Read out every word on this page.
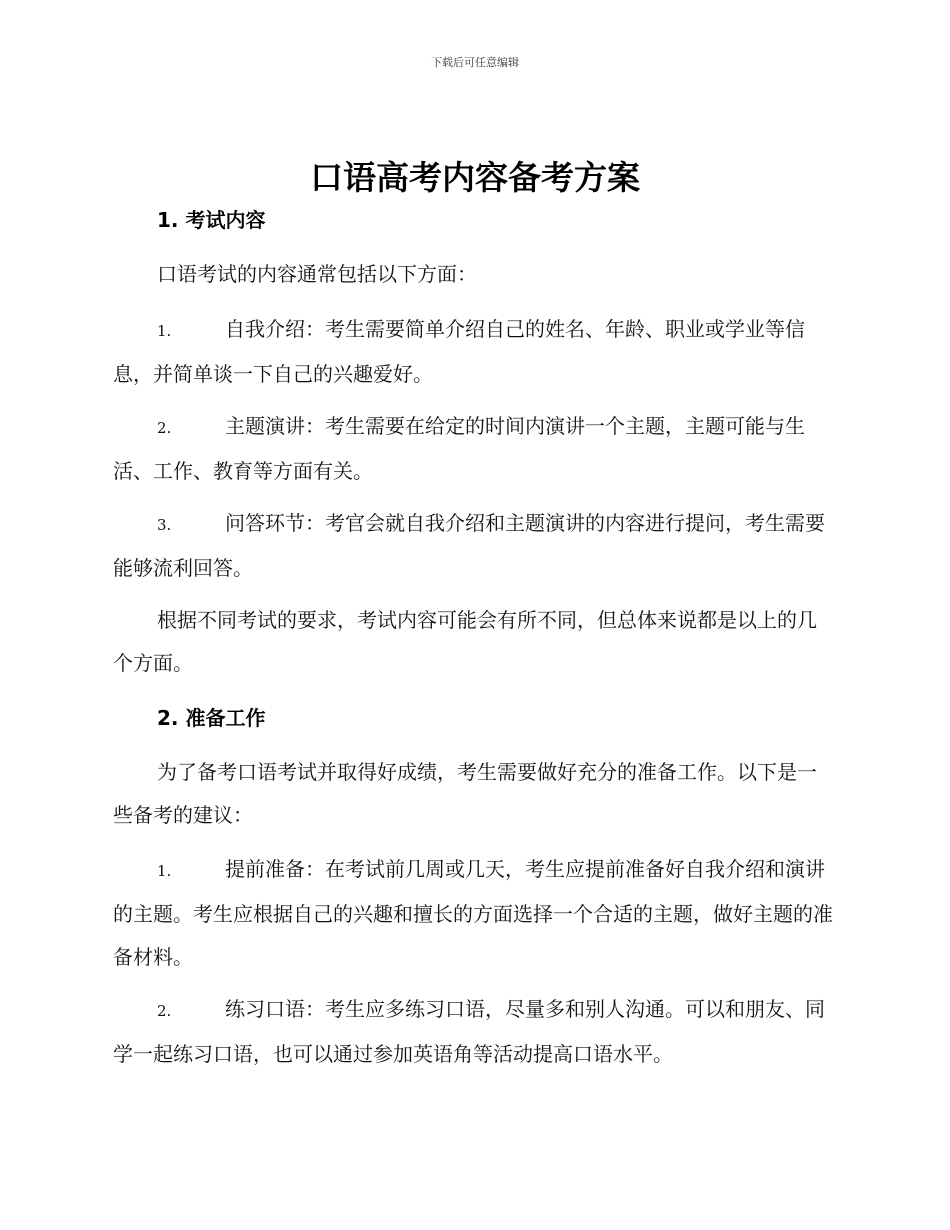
下载后可任意编辑
口语高考内容备考方案
1. 考试内容

口语考试的内容通常包括以下方面：

1.	自我介绍：考生需要简单介绍自己的姓名、年龄、职业或学业等信息，并简单谈一下自己的兴趣爱好。

2.	主题演讲：考生需要在给定的时间内演讲一个主题，主题可能与生活、工作、教育等方面有关。

3.	问答环节：考官会就自我介绍和主题演讲的内容进行提问，考生需要能够流利回答。

根据不同考试的要求，考试内容可能会有所不同，但总体来说都是以上的几个方面。

2. 准备工作

为了备考口语考试并取得好成绩，考生需要做好充分的准备工作。以下是一些备考的建议：

1.	提前准备：在考试前几周或几天，考生应提前准备好自我介绍和演讲的主题。考生应根据自己的兴趣和擅长的方面选择一个合适的主题，做好主题的准备材料。

2.	练习口语：考生应多练习口语，尽量多和别人沟通。可以和朋友、同学一起练习口语，也可以通过参加英语角等活动提高口语水平。
